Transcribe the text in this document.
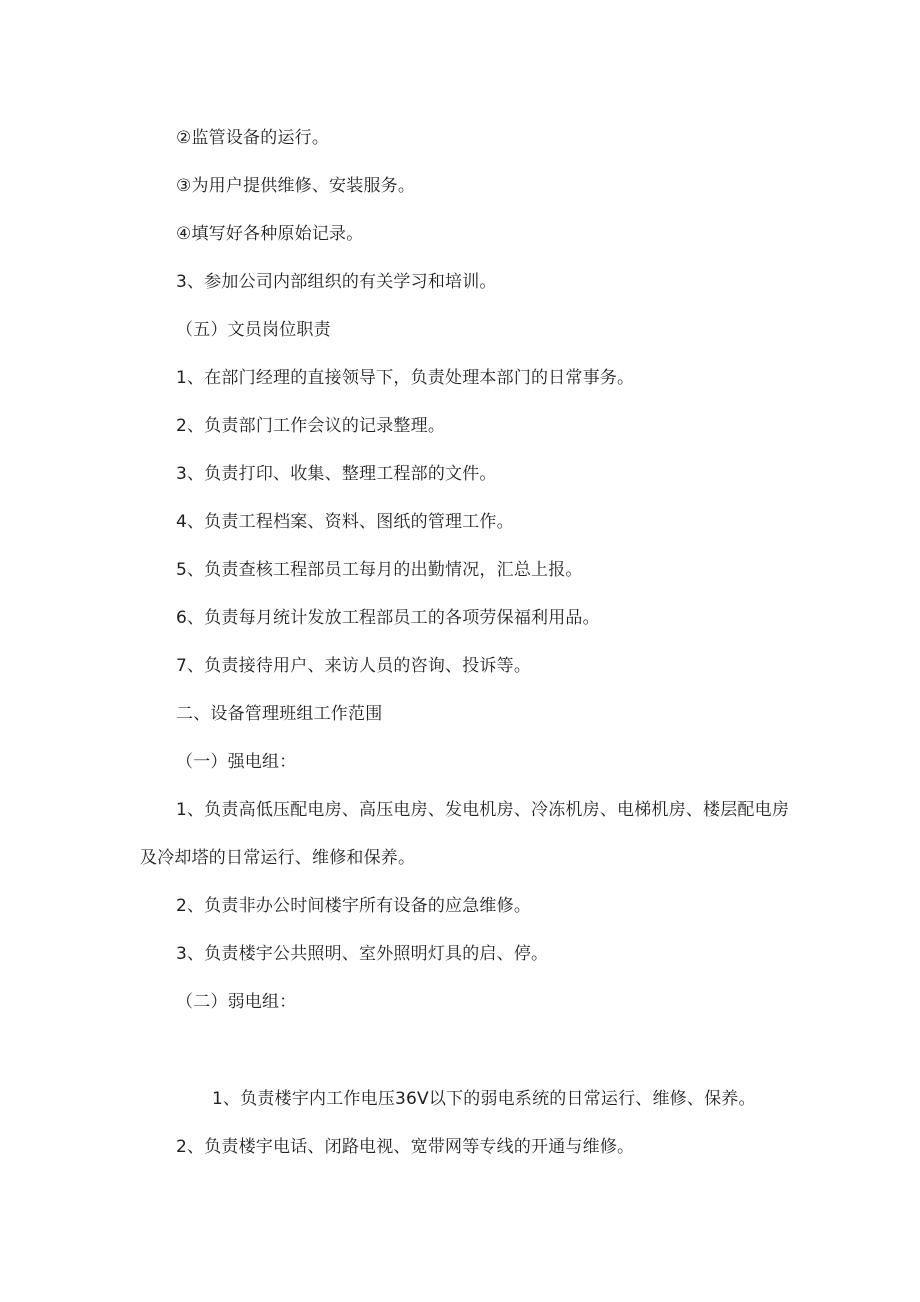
②监管设备的运行。

③为用户提供维修、安装服务。

④填写好各种原始记录。

3、参加公司内部组织的有关学习和培训。

（五）文员岗位职责

1、在部门经理的直接领导下，负责处理本部门的日常事务。

2、负责部门工作会议的记录整理。

3、负责打印、收集、整理工程部的文件。

4、负责工程档案、资料、图纸的管理工作。

5、负责查核工程部员工每月的出勤情况，汇总上报。

6、负责每月统计发放工程部员工的各项劳保福利用品。

7、负责接待用户、来访人员的咨询、投诉等。

二、设备管理班组工作范围

（一）强电组：

1、负责高低压配电房、高压电房、发电机房、冷冻机房、电梯机房、楼层配电房及冷却塔的日常运行、维修和保养。

2、负责非办公时间楼宇所有设备的应急维修。

3、负责楼宇公共照明、室外照明灯具的启、停。

（二）弱电组：

1、负责楼宇内工作电压36V以下的弱电系统的日常运行、维修、保养。

2、负责楼宇电话、闭路电视、宽带网等专线的开通与维修。
